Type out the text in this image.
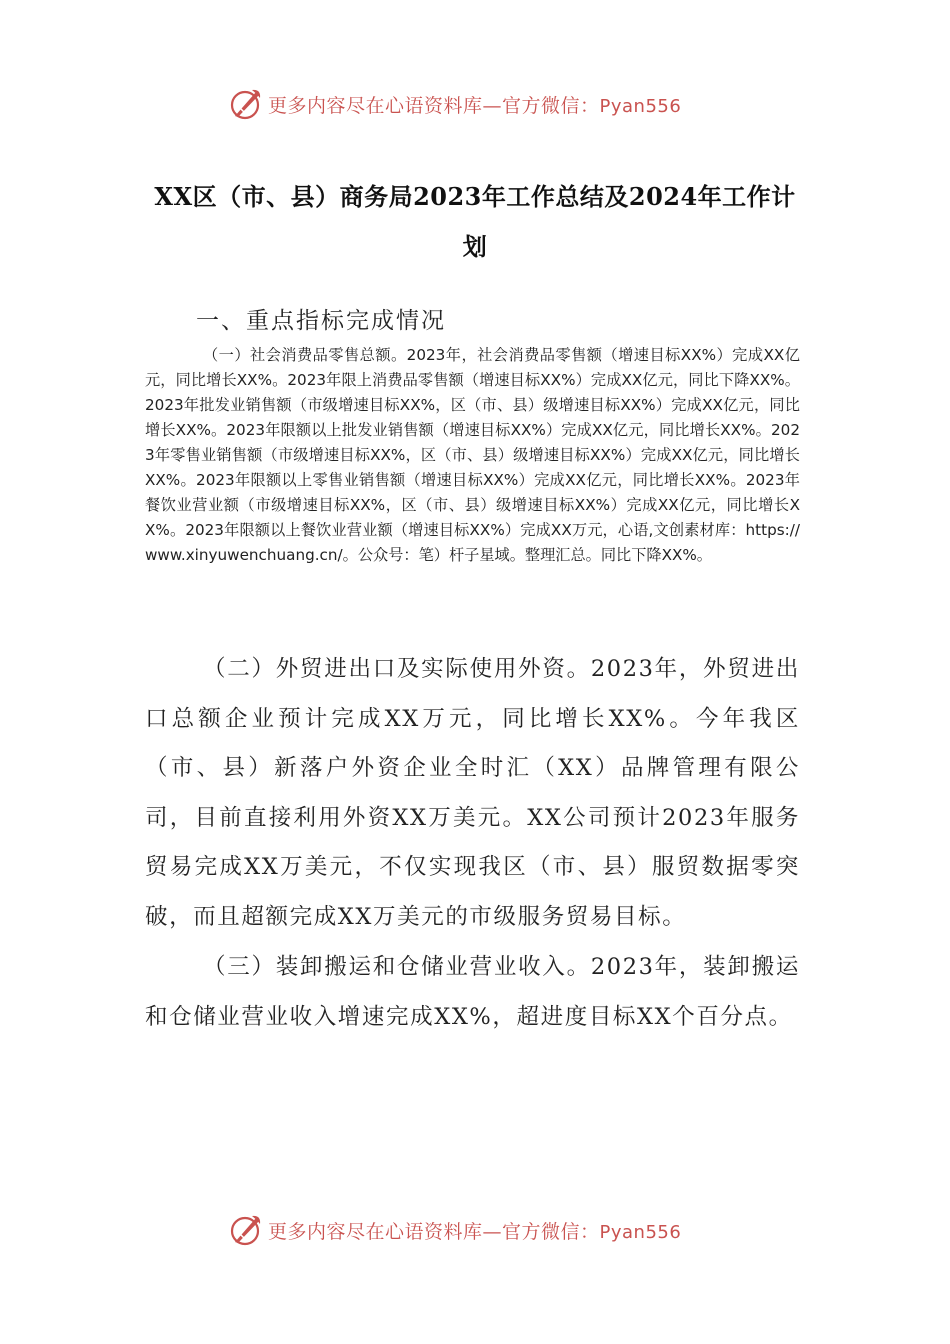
更多内容尽在心语资料库—官方微信：Pyan556
XX区（市、县）商务局2023年工作总结及2024年工作计划
一、重点指标完成情况

（一）社会消费品零售总额。2023年，社会消费品零售额（增速目标XX%）完成XX亿元，同比增长XX%。2023年限上消费品零售额（增速目标XX%）完成XX亿元，同比下降XX%。2023年批发业销售额（市级增速目标XX%，区（市、县）级增速目标XX%）完成XX亿元，同比增长XX%。2023年限额以上批发业销售额（增速目标XX%）完成XX亿元，同比增长XX%。2023年零售业销售额（市级增速目标XX%，区（市、县）级增速目标XX%）完成XX亿元，同比增长XX%。2023年限额以上零售业销售额（增速目标XX%）完成XX亿元，同比增长XX%。2023年餐饮业营业额（市级增速目标XX%，区（市、县）级增速目标XX%）完成XX亿元，同比增长XX%。2023年限额以上餐饮业营业额（增速目标XX%）完成XX万元，心语,文创素材库：https://www.xinyuwenchuang.cn/。公众号：笔）杆子星域。整理汇总。同比下降XX%。

（二）外贸进出口及实际使用外资。2023年，外贸进出口总额企业预计完成XX万元，同比增长XX%。今年我区（市、县）新落户外资企业全时汇（XX）品牌管理有限公司，目前直接利用外资XX万美元。XX公司预计2023年服务贸易完成XX万美元，不仅实现我区（市、县）服贸数据零突破，而且超额完成XX万美元的市级服务贸易目标。

（三）装卸搬运和仓储业营业收入。2023年，装卸搬运和仓储业营业收入增速完成XX%，超进度目标XX个百分点。

更多内容尽在心语资料库—官方微信：Pyan556
